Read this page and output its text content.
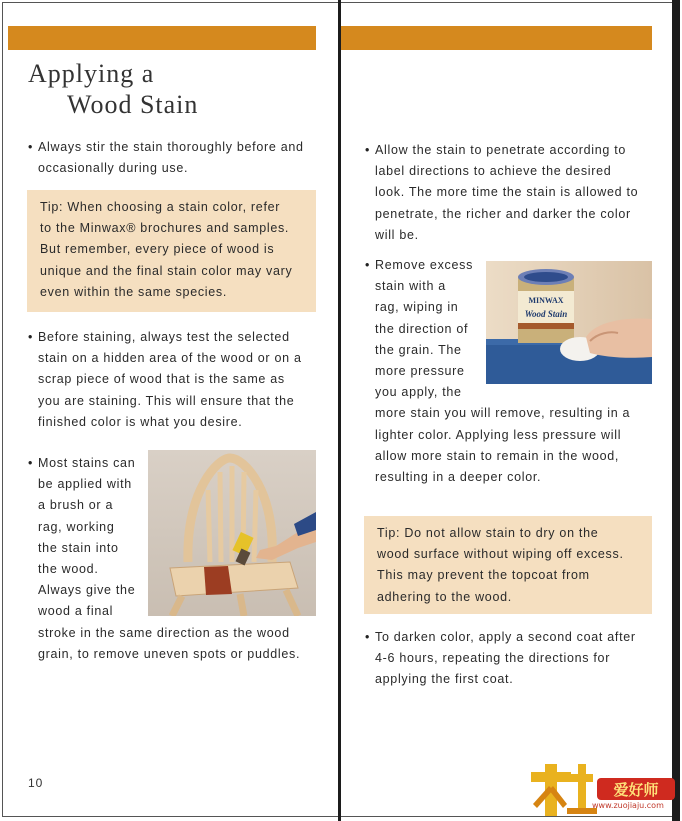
Applying a
Wood Stain
• Always stir the stain thoroughly before and
occasionally during use.
Tip: When choosing a stain color, refer
to the Minwax® brochures and samples.
But remember, every piece of wood is
unique and the final stain color may vary
even within the same species.
• Before staining, always test the selected
stain on a hidden area of the wood or on a
scrap piece of wood that is the same as
you are staining. This will ensure that the
finished color is what you desire.
• Most stains can
be applied with
a brush or a
rag, working
the stain into
the wood.
Always give the
wood a final
stroke in the same direction as the wood
grain, to remove uneven spots or puddles.
10
• Allow the stain to penetrate according to
label directions to achieve the desired
look. The more time the stain is allowed to
penetrate, the richer and darker the color
will be.
• Remove excess
stain with a
rag, wiping in
the direction of
the grain. The
more pressure
you apply, the
more stain you will remove, resulting in a
lighter color. Applying less pressure will
allow more stain to remain in the wood,
resulting in a deeper color.
MINWAX
Wood Stain
Tip: Do not allow stain to dry on the
wood surface without wiping off excess.
This may prevent the topcoat from
adhering to the wood.
• To darken color, apply a second coat after
4-6 hours, repeating the directions for
applying the first coat.
爱好师
www.zuojiaju.com
